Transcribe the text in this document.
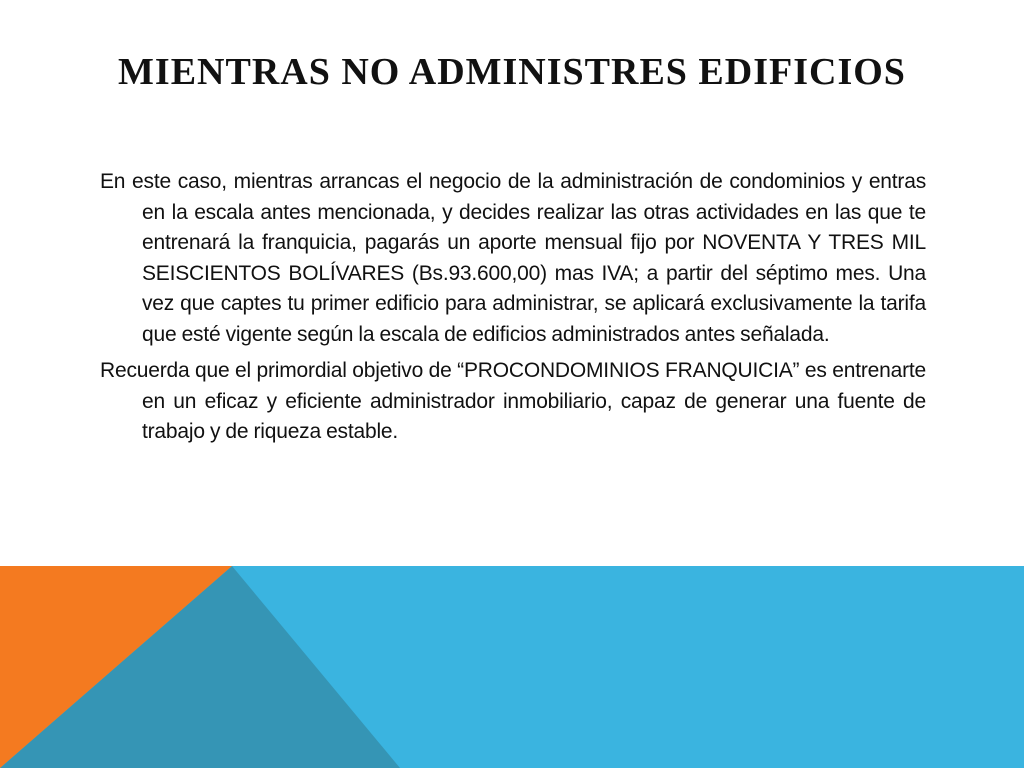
MIENTRAS NO ADMINISTRES EDIFICIOS

En este caso, mientras arrancas el negocio de la administración de condominios y entras en la escala antes mencionada, y decides realizar las otras actividades en las que te entrenará la franquicia, pagarás un aporte mensual fijo por NOVENTA Y TRES MIL SEISCIENTOS BOLÍVARES (Bs.93.600,00) mas IVA; a partir del séptimo mes. Una vez que captes tu primer edificio para administrar, se aplicará exclusivamente la tarifa que esté vigente según la escala de edificios administrados antes señalada.

Recuerda que el primordial objetivo de “PROCONDOMINIOS FRANQUICIA” es entrenarte en un eficaz y eficiente administrador inmobiliario, capaz de generar una fuente de trabajo y de riqueza estable.
